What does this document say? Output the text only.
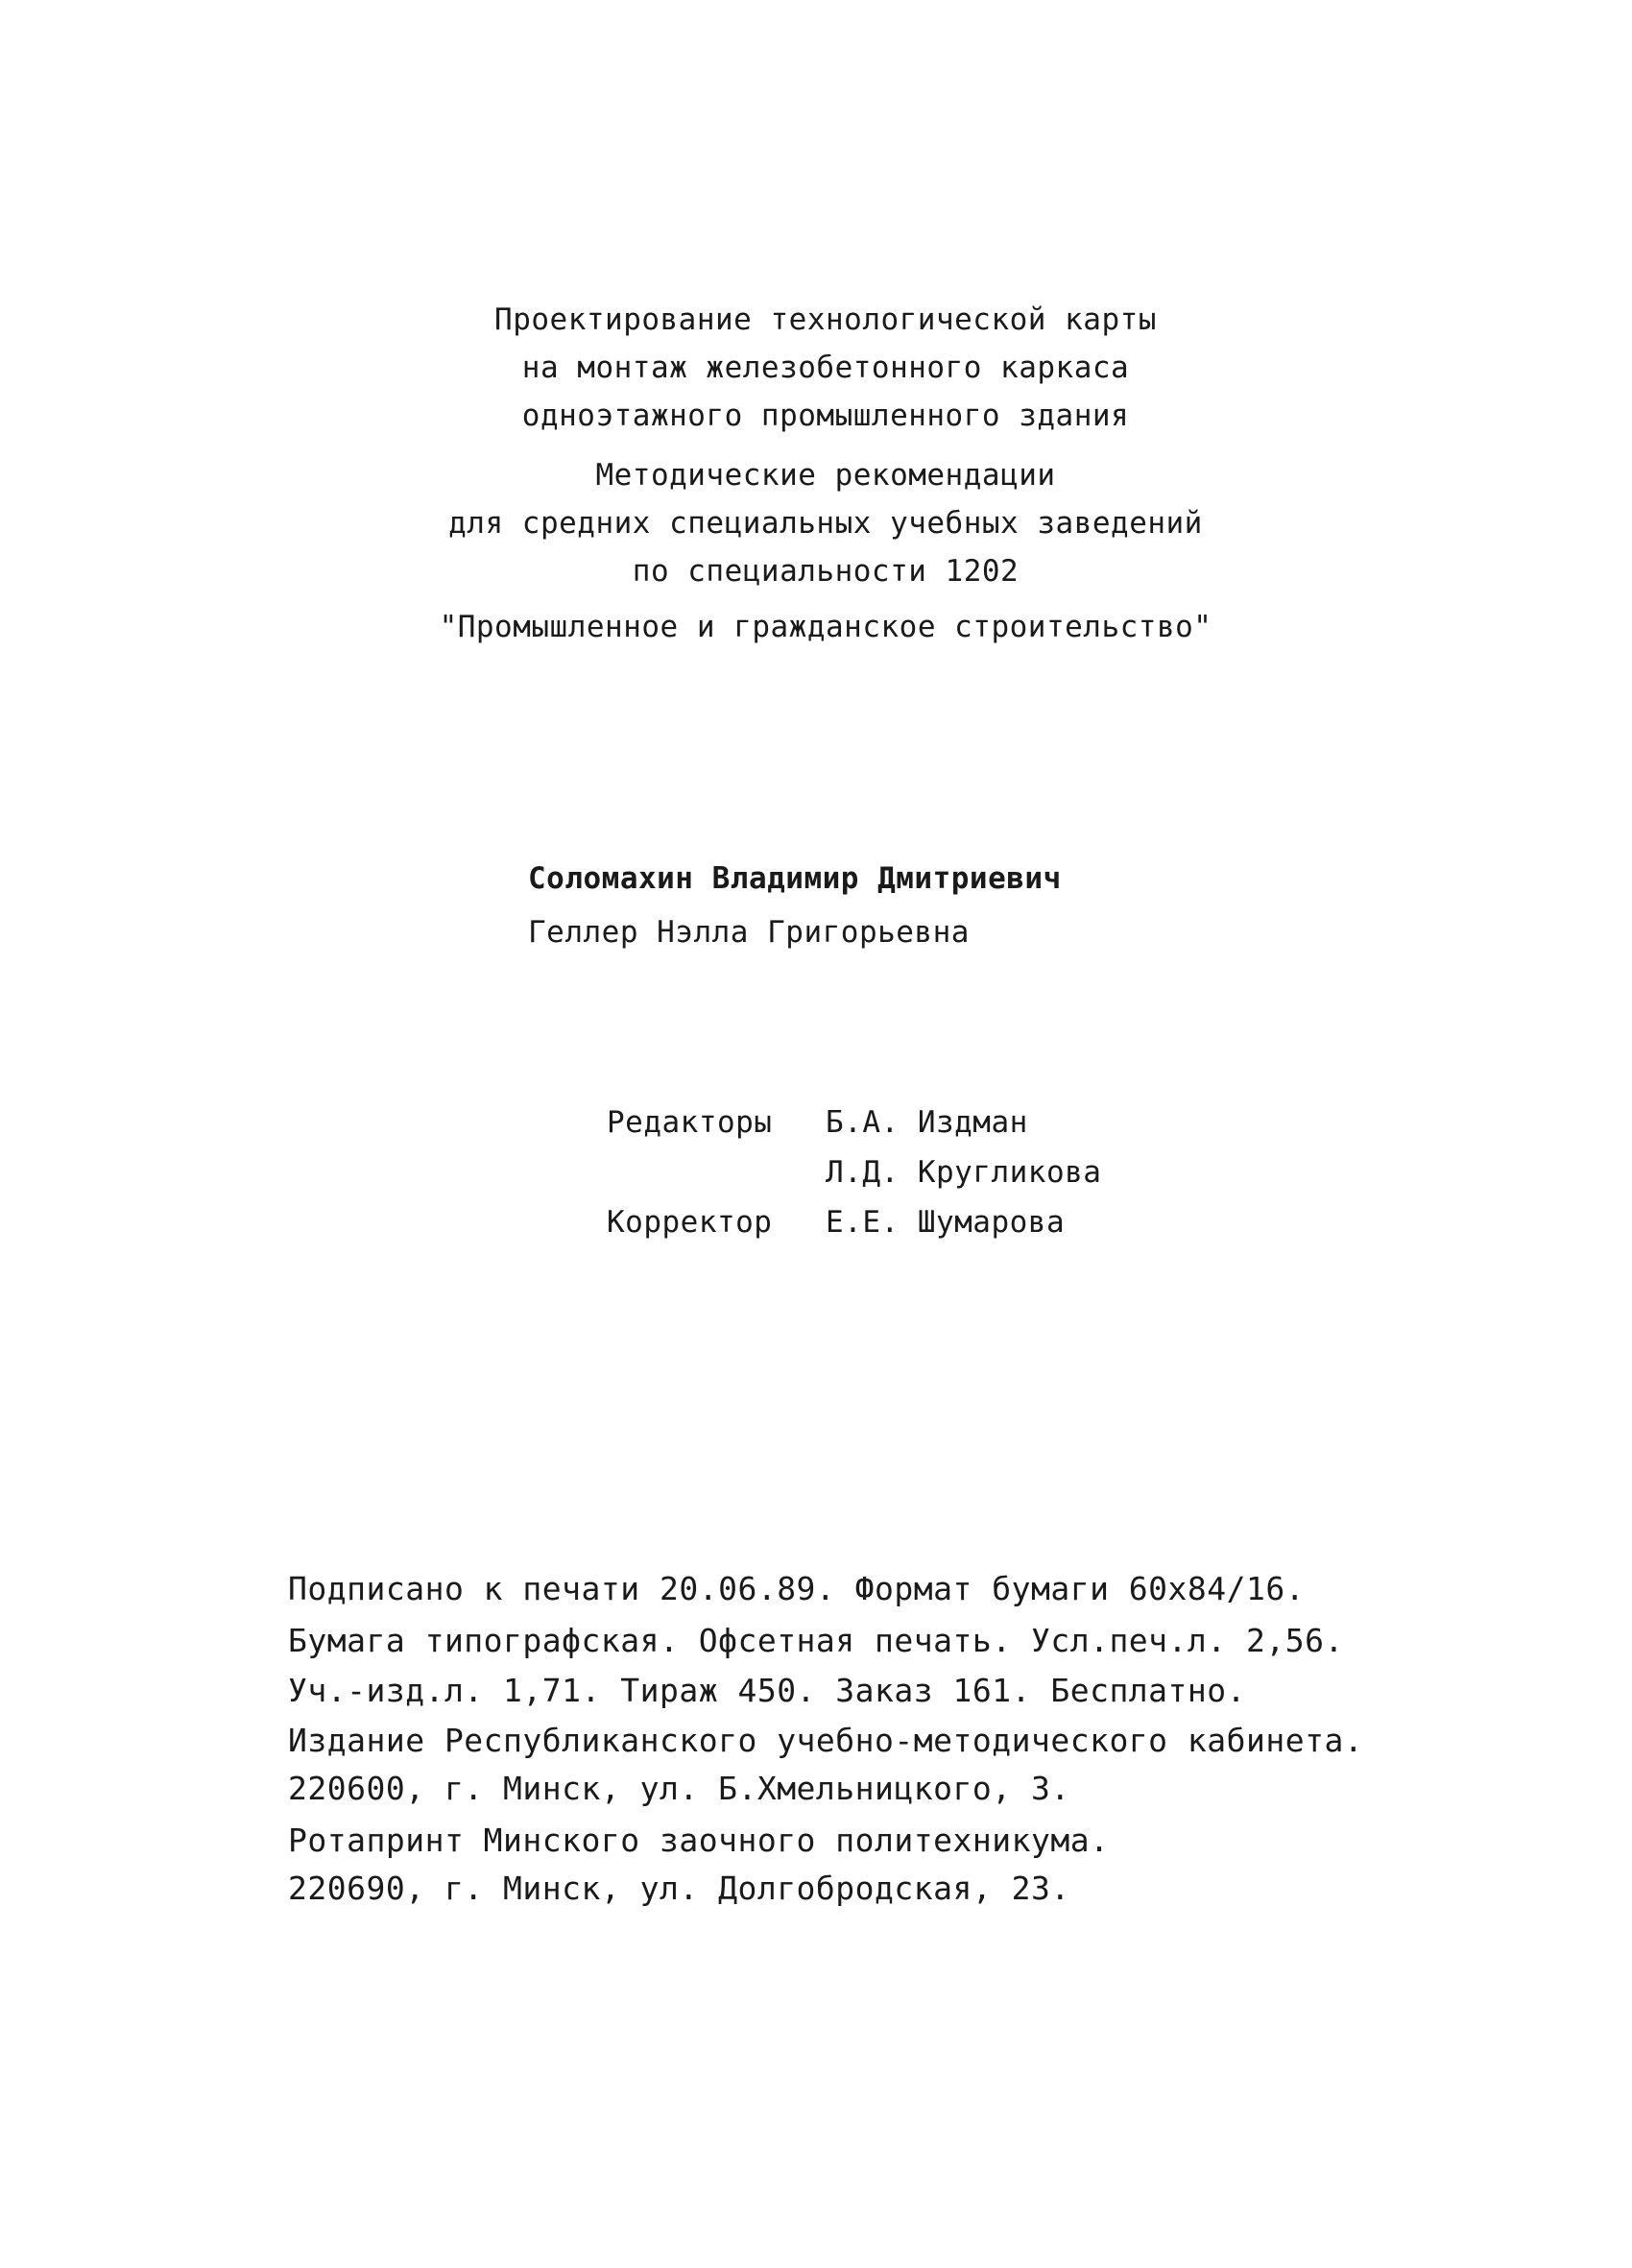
Проектирование технологической карты
на монтаж железобетонного каркаса
одноэтажного промышленного здания
Методические рекомендации
для средних специальных учебных заведений
по специальности 1202
"Промышленное и гражданское строительство"
Соломахин Владимир Дмитриевич
Геллер Нэлла Григорьевна
Редакторы Б.А. Издман
Л.Д. Кругликова
Корректор Е.Е. Шумарова
Подписано к печати 20.06.89. Формат бумаги 60х84/16.
Бумага типографская. Офсетная печать. Усл.печ.л. 2,56.
Уч.-изд.л. 1,71. Тираж 450. Заказ 161. Бесплатно.
Издание Республиканского учебно-методического кабинета.
220600, г. Минск, ул. Б.Хмельницкого, 3.
Ротапринт Минского заочного политехникума.
220690, г. Минск, ул. Долгобродская, 23.
